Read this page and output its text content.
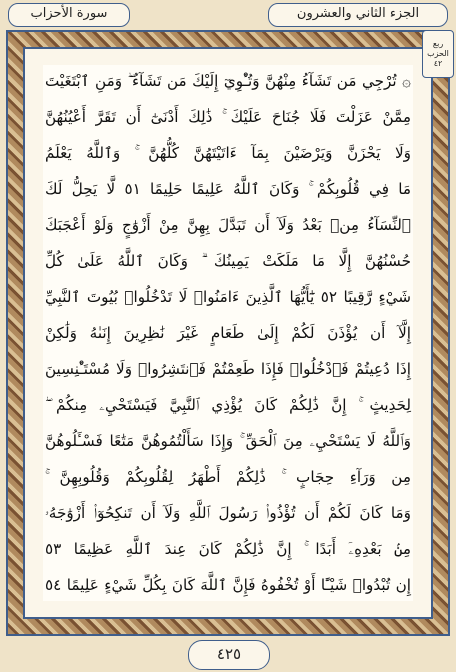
الجزء الثاني والعشرون
سورة الأحزاب
۞ تُرْجِي مَن تَشَآءُ مِنْهُنَّ وَتُـْٔوِيٓ إِلَيْكَ مَن تَشَآءُ ۖ وَمَنِ ٱبْتَغَيْتَ
مِمَّنْ عَزَلْتَ فَلَا جُنَاحَ عَلَيْكَ ۚ ذَٰلِكَ أَدْنَىٰٓ أَن تَقَرَّ أَعْيُنُهُنَّ
وَلَا يَحْزَنَّ وَيَرْضَيْنَ بِمَآ ءَاتَيْتَهُنَّ كُلُّهُنَّ ۚ وَٱللَّهُ يَعْلَمُ
مَا فِي قُلُوبِكُمْ ۚ وَكَانَ ٱللَّهُ عَلِيمًا حَلِيمًا ٥١ لَّا يَحِلُّ لَكَ
ٱلنِّسَآءُ مِنۢ بَعْدُ وَلَآ أَن تَبَدَّلَ بِهِنَّ مِنْ أَزْوَٰجٍ وَلَوْ أَعْجَبَكَ
حُسْنُهُنَّ إِلَّا مَا مَلَكَتْ يَمِينُكَ ۗ وَكَانَ ٱللَّهُ عَلَىٰ كُلِّ
شَيْءٍ رَّقِيبًا ٥٢ يَٰٓأَيُّهَا ٱلَّذِينَ ءَامَنُوا۟ لَا تَدْخُلُوا۟ بُيُوتَ ٱلنَّبِيِّ
إِلَّآ أَن يُؤْذَنَ لَكُمْ إِلَىٰ طَعَامٍ غَيْرَ نَٰظِرِينَ إِنَىٰهُ وَلَٰكِنْ
إِذَا دُعِيتُمْ فَٱدْخُلُوا۟ فَإِذَا طَعِمْتُمْ فَٱنتَشِرُوا۟ وَلَا مُسْتَـْٔنِسِينَ
لِحَدِيثٍ ۚ إِنَّ ذَٰلِكُمْ كَانَ يُؤْذِي ٱلنَّبِيَّ فَيَسْتَحْيِۦ مِنكُمْ ۖ
وَٱللَّهُ لَا يَسْتَحْيِۦ مِنَ ٱلْحَقِّ ۚ وَإِذَا سَأَلْتُمُوهُنَّ مَتَٰعًا فَسْـَٔلُوهُنَّ
مِن وَرَآءِ حِجَابٍ ۚ ذَٰلِكُمْ أَطْهَرُ لِقُلُوبِكُمْ وَقُلُوبِهِنَّ ۚ
وَمَا كَانَ لَكُمْ أَن تُؤْذُوا۟ رَسُولَ ٱللَّهِ وَلَآ أَن تَنكِحُوٓا۟ أَزْوَٰجَهُۥ
مِنۢ بَعْدِهِۦٓ أَبَدًا ۚ إِنَّ ذَٰلِكُمْ كَانَ عِندَ ٱللَّهِ عَظِيمًا ٥٣
إِن تُبْدُوا۟ شَيْـًٔا أَوْ تُخْفُوهُ فَإِنَّ ٱللَّهَ كَانَ بِكُلِّ شَيْءٍ عَلِيمًا ٥٤
ربع
الحزب
٤٢
٤٢٥
